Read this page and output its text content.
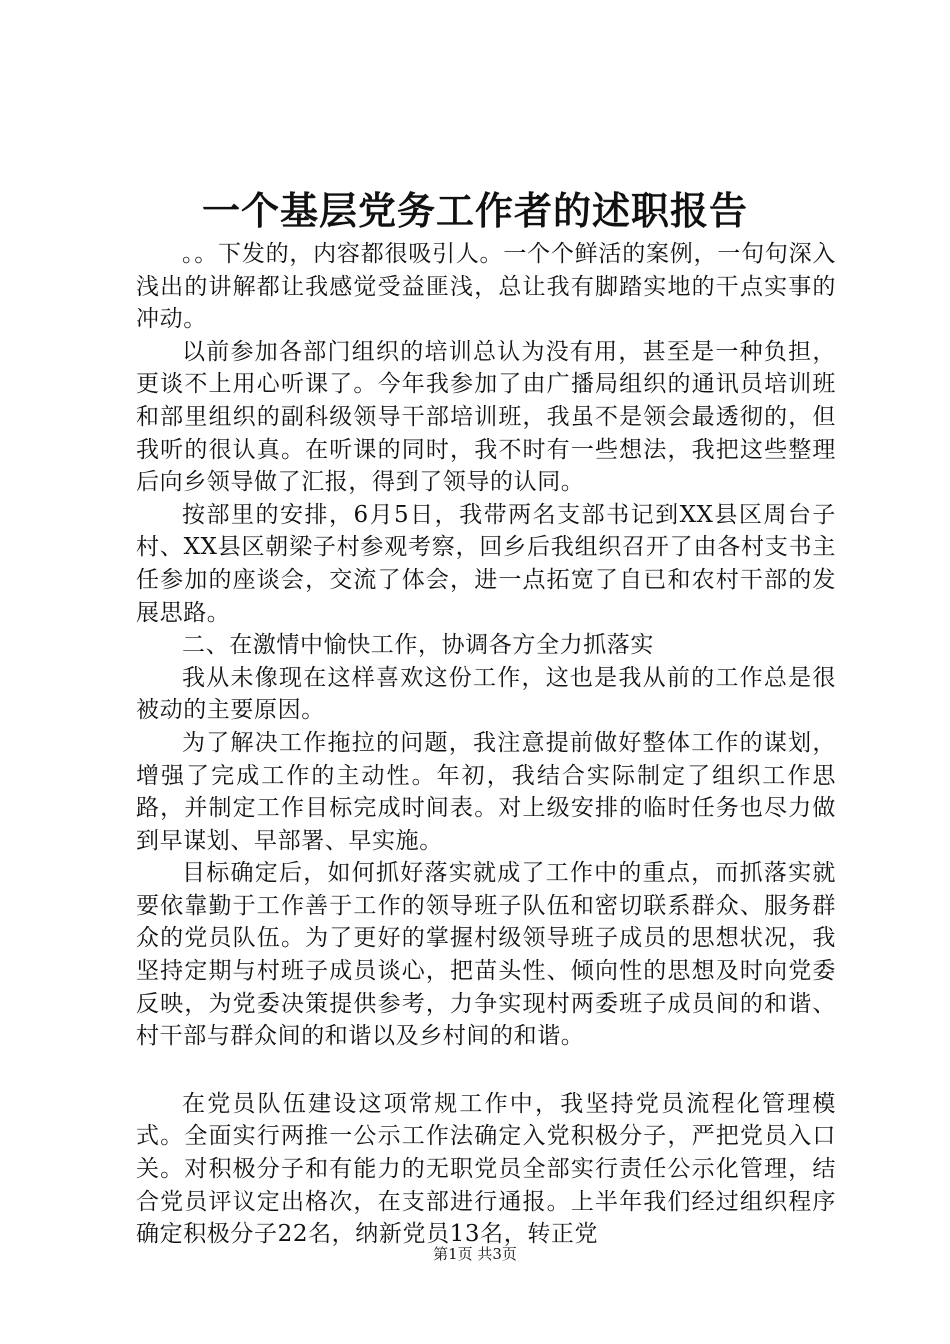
一个基层党务工作者的述职报告

。。下发的，内容都很吸引人。一个个鲜活的案例，一句句深入浅出的讲解都让我感觉受益匪浅，总让我有脚踏实地的干点实事的冲动。

以前参加各部门组织的培训总认为没有用，甚至是一种负担，更谈不上用心听课了。今年我参加了由广播局组织的通讯员培训班和部里组织的副科级领导干部培训班，我虽不是领会最透彻的，但我听的很认真。在听课的同时，我不时有一些想法，我把这些整理后向乡领导做了汇报，得到了领导的认同。

按部里的安排，6月5日，我带两名支部书记到XX县区周台子村、XX县区朝梁子村参观考察，回乡后我组织召开了由各村支书主任参加的座谈会，交流了体会，进一点拓宽了自已和农村干部的发展思路。

二、在激情中愉快工作，协调各方全力抓落实

我从未像现在这样喜欢这份工作，这也是我从前的工作总是很被动的主要原因。

为了解决工作拖拉的问题，我注意提前做好整体工作的谋划，增强了完成工作的主动性。年初，我结合实际制定了组织工作思路，并制定工作目标完成时间表。对上级安排的临时任务也尽力做到早谋划、早部署、早实施。

目标确定后，如何抓好落实就成了工作中的重点，而抓落实就要依靠勤于工作善于工作的领导班子队伍和密切联系群众、服务群众的党员队伍。为了更好的掌握村级领导班子成员的思想状况，我坚持定期与村班子成员谈心，把苗头性、倾向性的思想及时向党委反映，为党委决策提供参考，力争实现村两委班子成员间的和谐、村干部与群众间的和谐以及乡村间的和谐。

在党员队伍建设这项常规工作中，我坚持党员流程化管理模式。全面实行两推一公示工作法确定入党积极分子，严把党员入口关。对积极分子和有能力的无职党员全部实行责任公示化管理，结合党员评议定出格次，在支部进行通报。上半年我们经过组织程序确定积极分子22名，纳新党员13名，转正党

第1页 共3页
